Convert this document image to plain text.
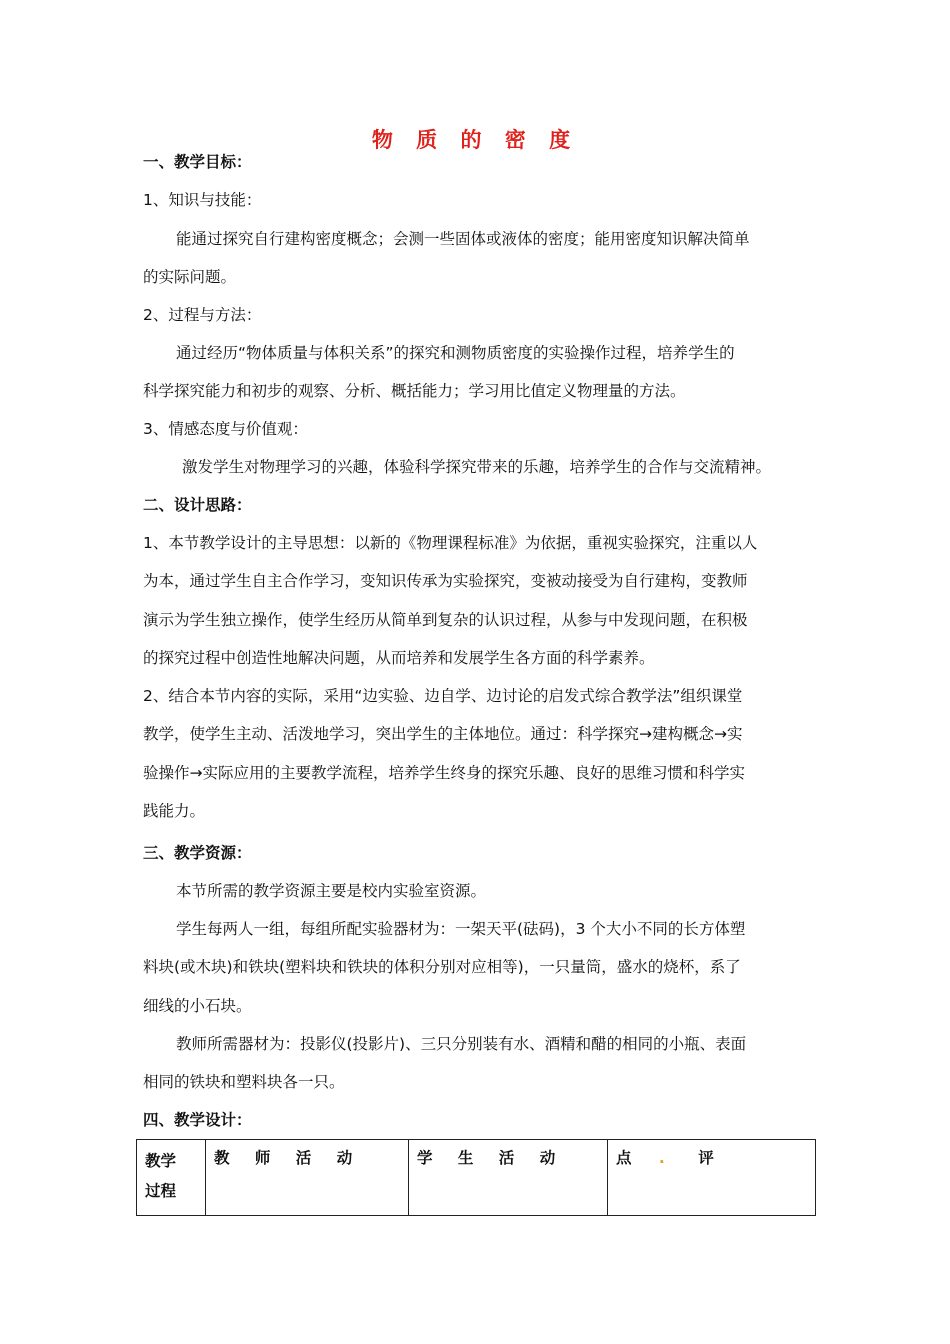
物 质 的 密 度
一、教学目标：
1、知识与技能：
能通过探究自行建构密度概念；会测一些固体或液体的密度；能用密度知识解决简单
的实际问题。
2、过程与方法：
通过经历“物体质量与体积关系”的探究和测物质密度的实验操作过程，培养学生的
科学探究能力和初步的观察、分析、概括能力；学习用比值定义物理量的方法。
3、情感态度与价值观：
激发学生对物理学习的兴趣，体验科学探究带来的乐趣，培养学生的合作与交流精神。
二、设计思路：
1、本节教学设计的主导思想：以新的《物理课程标准》为依据，重视实验探究，注重以人
为本，通过学生自主合作学习，变知识传承为实验探究，变被动接受为自行建构，变教师
演示为学生独立操作，使学生经历从简单到复杂的认识过程，从参与中发现问题，在积极
的探究过程中创造性地解决问题，从而培养和发展学生各方面的科学素养。
2、结合本节内容的实际，采用“边实验、边自学、边讨论的启发式综合教学法”组织课堂
教学，使学生主动、活泼地学习，突出学生的主体地位。通过：科学探究→建构概念→实
验操作→实际应用的主要教学流程，培养学生终身的探究乐趣、良好的思维习惯和科学实
践能力。
三、教学资源：
本节所需的教学资源主要是校内实验室资源。
学生每两人一组，每组所配实验器材为：一架天平(砝码)，3 个大小不同的长方体塑
料块(或木块)和铁块(塑料块和铁块的体积分别对应相等)，一只量筒，盛水的烧杯，系了
细线的小石块。
教师所需器材为：投影仪(投影片)、三只分别装有水、酒精和醋的相同的小瓶、表面
相同的铁块和塑料块各一只。
四、教学设计：
教学
过程
	教 师 活 动	学 生 活 动	点 . 评
